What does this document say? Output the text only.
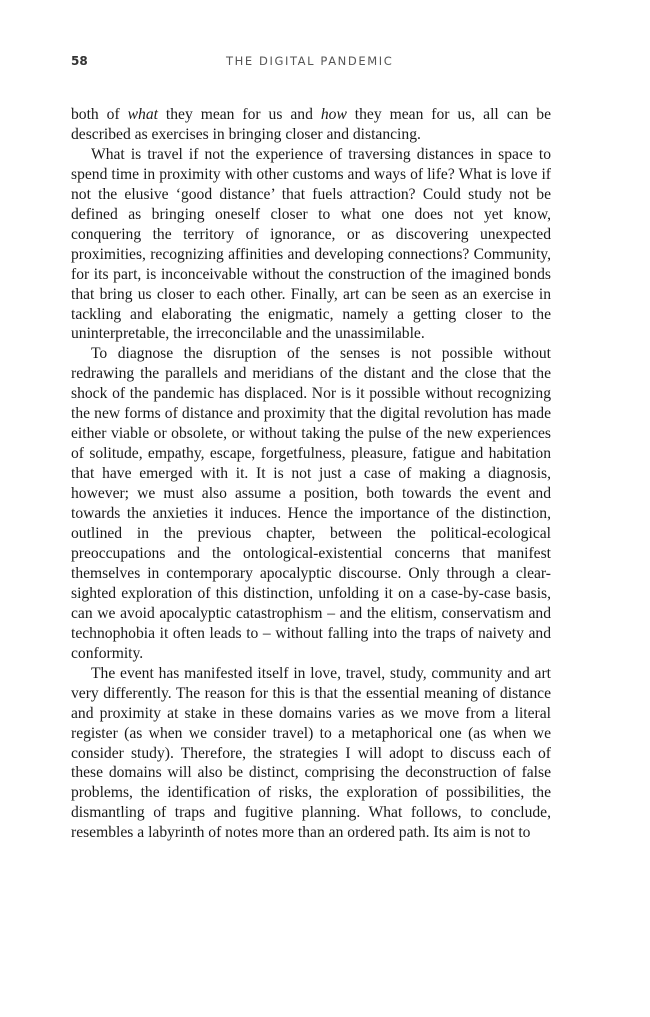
58	THE DIGITAL PANDEMIC

both of what they mean for us and how they mean for us, all can be described as exercises in bringing closer and distancing.

What is travel if not the experience of traversing distances in space to spend time in proximity with other customs and ways of life? What is love if not the elusive ‘good distance’ that fuels attraction? Could study not be defined as bringing oneself closer to what one does not yet know, conquering the territory of ignorance, or as discovering unexpected proximities, recognizing affinities and developing connections? Community, for its part, is inconceivable without the construction of the imagined bonds that bring us closer to each other. Finally, art can be seen as an exercise in tackling and elaborating the enigmatic, namely a getting closer to the uninterpretable, the irreconcilable and the unassimilable.

To diagnose the disruption of the senses is not possible without redrawing the parallels and meridians of the distant and the close that the shock of the pandemic has displaced. Nor is it possible without recognizing the new forms of distance and proximity that the digital revolution has made either viable or obsolete, or without taking the pulse of the new experiences of solitude, empathy, escape, forgetfulness, pleasure, fatigue and habitation that have emerged with it. It is not just a case of making a diagnosis, however; we must also assume a position, both towards the event and towards the anxieties it induces. Hence the importance of the distinction, outlined in the previous chapter, between the political-ecological preoccupations and the ontological-existential concerns that manifest themselves in contemporary apocalyptic discourse. Only through a clear-sighted exploration of this distinction, unfolding it on a case-by-case basis, can we avoid apocalyptic catastrophism – and the elitism, conservatism and technophobia it often leads to – without falling into the traps of naivety and conformity.

The event has manifested itself in love, travel, study, community and art very differently. The reason for this is that the essential meaning of distance and proximity at stake in these domains varies as we move from a literal register (as when we consider travel) to a metaphorical one (as when we consider study). Therefore, the strategies I will adopt to discuss each of these domains will also be distinct, comprising the deconstruction of false problems, the identification of risks, the exploration of possibilities, the dismantling of traps and fugitive planning. What follows, to conclude, resembles a labyrinth of notes more than an ordered path. Its aim is not to
